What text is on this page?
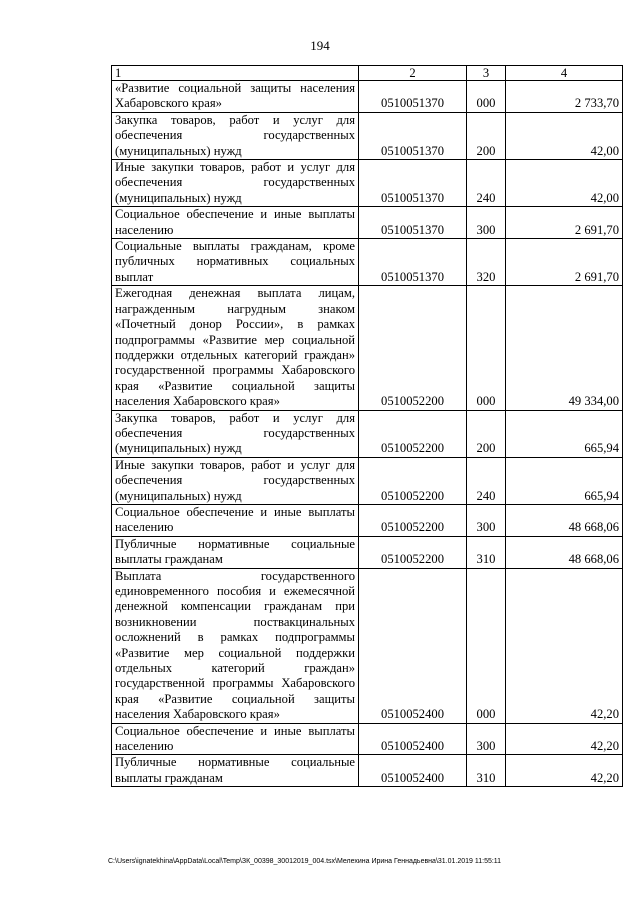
194
1	2	3	4
«Развитие социальной защиты населения Хабаровского края»	0510051370	000	2 733,70
Закупка товаров, работ и услуг для обеспечения государственных (муниципальных) нужд	0510051370	200	42,00
Иные закупки товаров, работ и услуг для обеспечения государственных (муниципальных) нужд	0510051370	240	42,00
Социальное обеспечение и иные выплаты населению	0510051370	300	2 691,70
Социальные выплаты гражданам, кроме публичных нормативных социальных выплат	0510051370	320	2 691,70
Ежегодная денежная выплата лицам, награжденным нагрудным знаком «Почетный донор России», в рамках подпрограммы «Развитие мер социальной поддержки отдельных категорий граждан» государственной программы Хабаровского края «Развитие социальной защиты населения Хабаровского края»	0510052200	000	49 334,00
Закупка товаров, работ и услуг для обеспечения государственных (муниципальных) нужд	0510052200	200	665,94
Иные закупки товаров, работ и услуг для обеспечения государственных (муниципальных) нужд	0510052200	240	665,94
Социальное обеспечение и иные выплаты населению	0510052200	300	48 668,06
Публичные нормативные социальные выплаты гражданам	0510052200	310	48 668,06
Выплата государственного единовременного пособия и ежемесячной денежной компенсации гражданам при возникновении поствакцинальных осложнений в рамках подпрограммы «Развитие мер социальной поддержки отдельных категорий граждан» государственной программы Хабаровского края «Развитие социальной защиты населения Хабаровского края»	0510052400	000	42,20
Социальное обеспечение и иные выплаты населению	0510052400	300	42,20
Публичные нормативные социальные выплаты гражданам	0510052400	310	42,20
C:\Users\ignatekhina\AppData\Local\Temp\ЗК_00398_30012019_004.tsx\Мелехина Ирина Геннадьевна\31.01.2019 11:55:11
